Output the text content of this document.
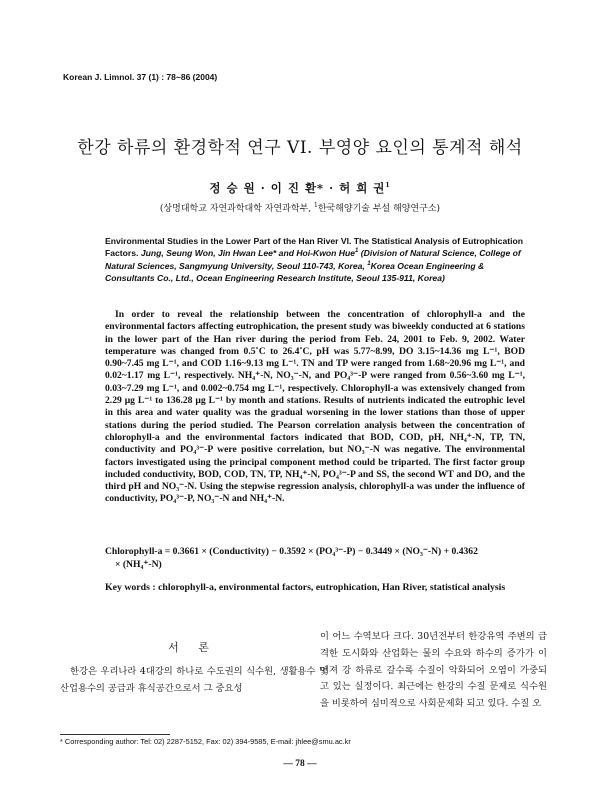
Korean J. Limnol. 37 (1) : 78~86 (2004)
한강 하류의 환경학적 연구 VI. 부영양 요인의 통계적 해석
정 승 원 · 이 진 환* · 허 희 권$^1$
(상명대학교 자연과학대학 자연과학부, $^1$한국해양기술 부설 해양연구소)
Environmental Studies in the Lower Part of the Han River VI. The Statistical Analysis of Eutrophication Factors. Jung, Seung Won, Jin Hwan Lee* and Hoi-Kwon Hue$^1$ (Division of Natural Science, College of Natural Sciences, Sangmyung University, Seoul 110-743, Korea, $^1$Korea Ocean Engineering & Consultants Co., Ltd., Ocean Engineering Research Institute, Seoul 135-911, Korea)

In order to reveal the relationship between the concentration of chlorophyll-a and the environmental factors affecting eutrophication, the present study was biweekly conducted at 6 stations in the lower part of the Han river during the period from Feb. 24, 2001 to Feb. 9, 2002. Water temperature was changed from 0.5˚C to 26.4˚C, pH was 5.77~8.99, DO 3.15~14.36 mg L⁻¹, BOD 0.90~7.45 mg L⁻¹, and COD 1.16~9.13 mg L⁻¹. TN and TP were ranged from 1.68~20.96 mg L⁻¹, and 0.02~1.17 mg L⁻¹, respectively. NH₄⁺-N, NO₃⁻-N, and PO₄³⁻-P were ranged from 0.56~3.60 mg L⁻¹, 0.03~7.29 mg L⁻¹, and 0.002~0.754 mg L⁻¹, respectively. Chlorophyll-a was extensively changed from 2.29 μg L⁻¹ to 136.28 μg L⁻¹ by month and stations. Results of nutrients indicated the eutrophic level in this area and water quality was the gradual worsening in the lower stations than those of upper stations during the period studied. The Pearson correlation analysis between the concentration of chlorophyll-a and the environmental factors indicated that BOD, COD, pH, NH₄⁺-N, TP, TN, conductivity and PO₄³⁻-P were positive correlation, but NO₃⁻-N was negative. The environmental factors investigated using the principal component method could be triparted. The first factor group included conductivity, BOD, COD, TN, TP, NH₄⁺-N, PO₄³⁻-P and SS, the second WT and DO, and the third pH and NO₃⁻-N. Using the stepwise regression analysis, chlorophyll-a was under the influence of conductivity, PO₄³⁻-P, NO₃⁻-N and NH₄⁺-N.

Chlorophyll-a = 0.3661 × (Conductivity) − 0.3592 × (PO₄³⁻-P) − 0.3449 × (NO₃⁻-N) + 0.4362
× (NH₄⁺-N)
Key words : chlorophyll-a, environmental factors, eutrophication, Han River, statistical analysis
서 론

한강은 우리나라 4대강의 하나로 수도권의 식수원, 생활용수 및 산업용수의 공급과 휴식공간으로서 그 중요성

이 어느 수역보다 크다. 30년전부터 한강유역 주변의 급격한 도시화와 산업화는 물의 수요와 하수의 증가가 이어져 강 하류로 갈수록 수질이 악화되어 오염이 가중되고 있는 실정이다. 최근에는 한강의 수질 문제로 식수원을 비롯하여 심미적으로 사회문제화 되고 있다. 수질 오
* Corresponding author: Tel: 02) 2287-5152, Fax: 02) 394-9585, E-mail: jhlee@smu.ac.kr
— 78 —
